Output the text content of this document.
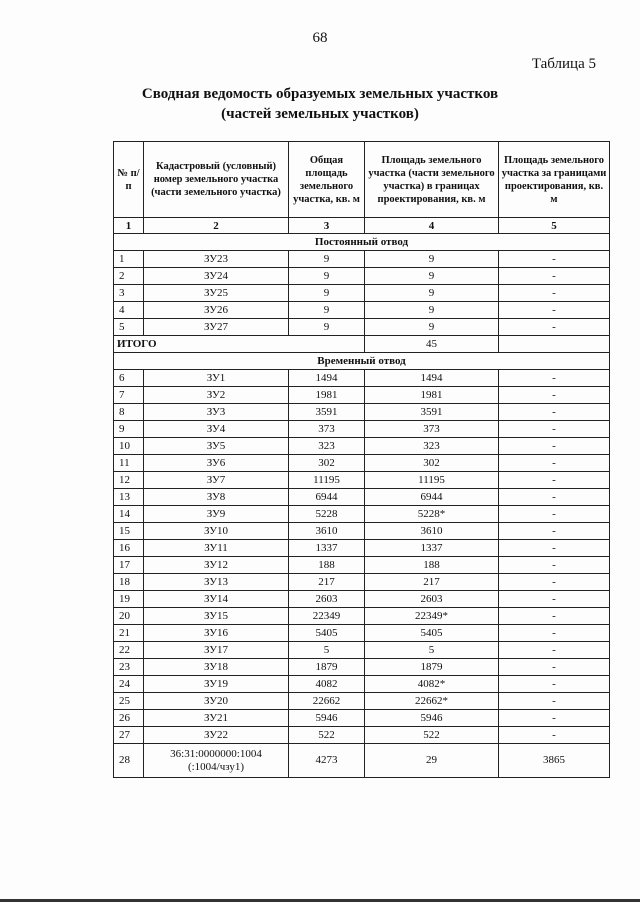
68
Таблица 5
Сводная ведомость образуемых земельных участков
(частей земельных участков)
№ п/п	Кадастровый (условный) номер земельного участка (части земельного участка)	Общая площадь земельного участка, кв. м	Площадь земельного участка (части земельного участка) в границах проектирования, кв. м	Площадь земельного участка за границами проектирования, кв. м
1	2	3	4	5
Постоянный отвод				
1	ЗУ23	9	9	-
2	ЗУ24	9	9	-
3	ЗУ25	9	9	-
4	ЗУ26	9	9	-
5	ЗУ27	9	9	-
ИТОГО			45	
Временный отвод				
6	ЗУ1	1494	1494	-
7	ЗУ2	1981	1981	-
8	ЗУ3	3591	3591	-
9	ЗУ4	373	373	-
10	ЗУ5	323	323	-
11	ЗУ6	302	302	-
12	ЗУ7	11195	11195	-
13	ЗУ8	6944	6944	-
14	ЗУ9	5228	5228*	-
15	ЗУ10	3610	3610	-
16	ЗУ11	1337	1337	-
17	ЗУ12	188	188	-
18	ЗУ13	217	217	-
19	ЗУ14	2603	2603	-
20	ЗУ15	22349	22349*	-
21	ЗУ16	5405	5405	-
22	ЗУ17	5	5	-
23	ЗУ18	1879	1879	-
24	ЗУ19	4082	4082*	-
25	ЗУ20	22662	22662*	-
26	ЗУ21	5946	5946	-
27	ЗУ22	522	522	-
28	36:31:0000000:1004
(:1004/чзу1)	4273	29	3865
